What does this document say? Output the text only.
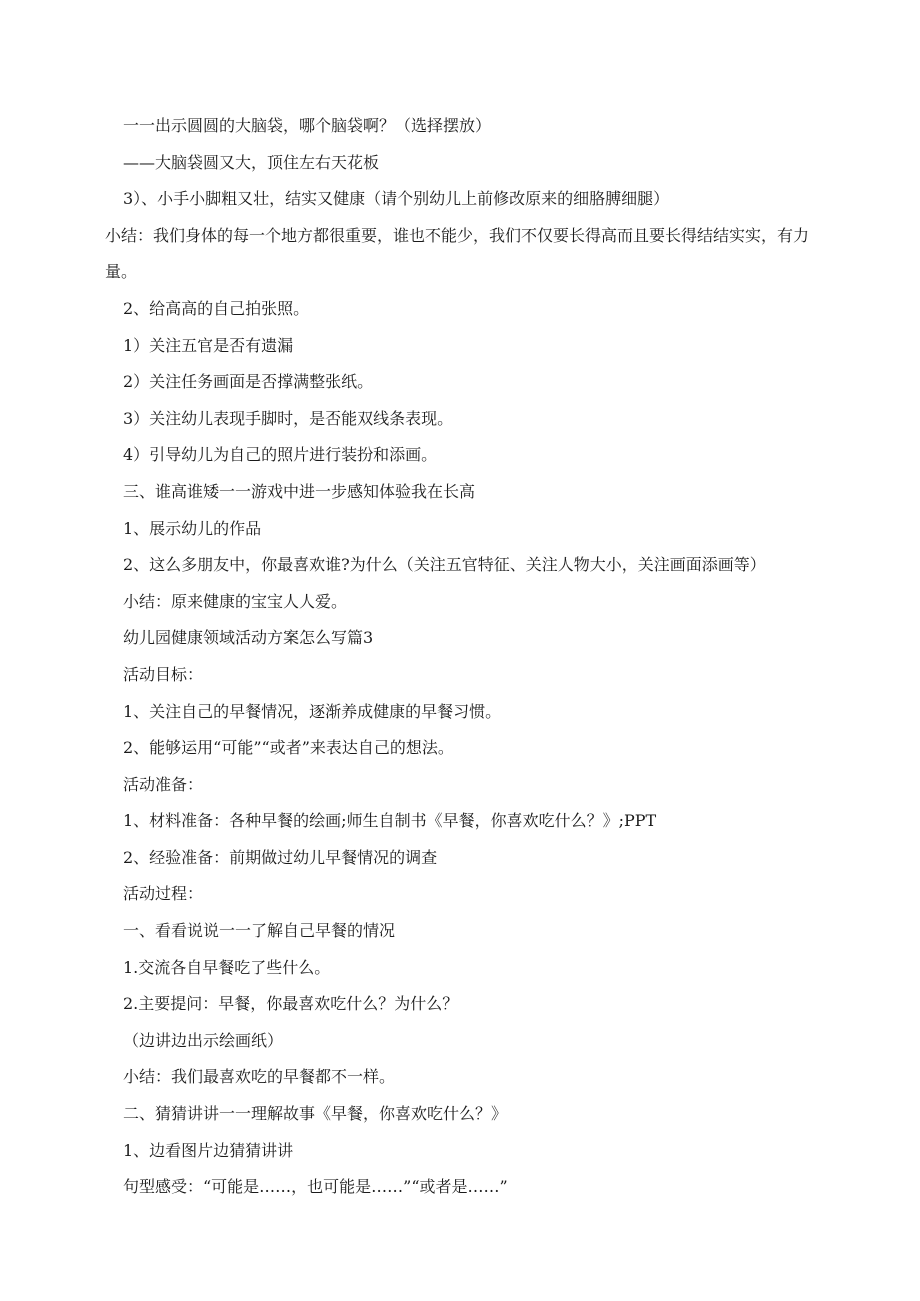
一一出示圆圆的大脑袋，哪个脑袋啊？（选择摆放）
——大脑袋圆又大，顶住左右天花板
3）、小手小脚粗又壮，结实又健康（请个别幼儿上前修改原来的细胳膊细腿）
小结：我们身体的每一个地方都很重要，谁也不能少，我们不仅要长得高而且要长得结结实实，有力量。
2、给高高的自己拍张照。
1）关注五官是否有遗漏
2）关注任务画面是否撑满整张纸。
3）关注幼儿表现手脚时，是否能双线条表现。
4）引导幼儿为自己的照片进行装扮和添画。
三、谁高谁矮一一游戏中进一步感知体验我在长高
1、展示幼儿的作品
2、这么多朋友中，你最喜欢谁?为什么（关注五官特征、关注人物大小，关注画面添画等）
小结：原来健康的宝宝人人爱。
幼儿园健康领域活动方案怎么写篇3
活动目标：
1、关注自己的早餐情况，逐渐养成健康的早餐习惯。
2、能够运用“可能”“或者”来表达自己的想法。
活动准备：
1、材料准备：各种早餐的绘画;师生自制书《早餐，你喜欢吃什么？》;PPT
2、经验准备：前期做过幼儿早餐情况的调查
活动过程：
一、看看说说一一了解自己早餐的情况
1.交流各自早餐吃了些什么。
2.主要提问：早餐，你最喜欢吃什么？为什么？
（边讲边出示绘画纸）
小结：我们最喜欢吃的早餐都不一样。
二、猜猜讲讲一一理解故事《早餐，你喜欢吃什么？》
1、边看图片边猜猜讲讲
句型感受：“可能是……，也可能是……”“或者是……”
